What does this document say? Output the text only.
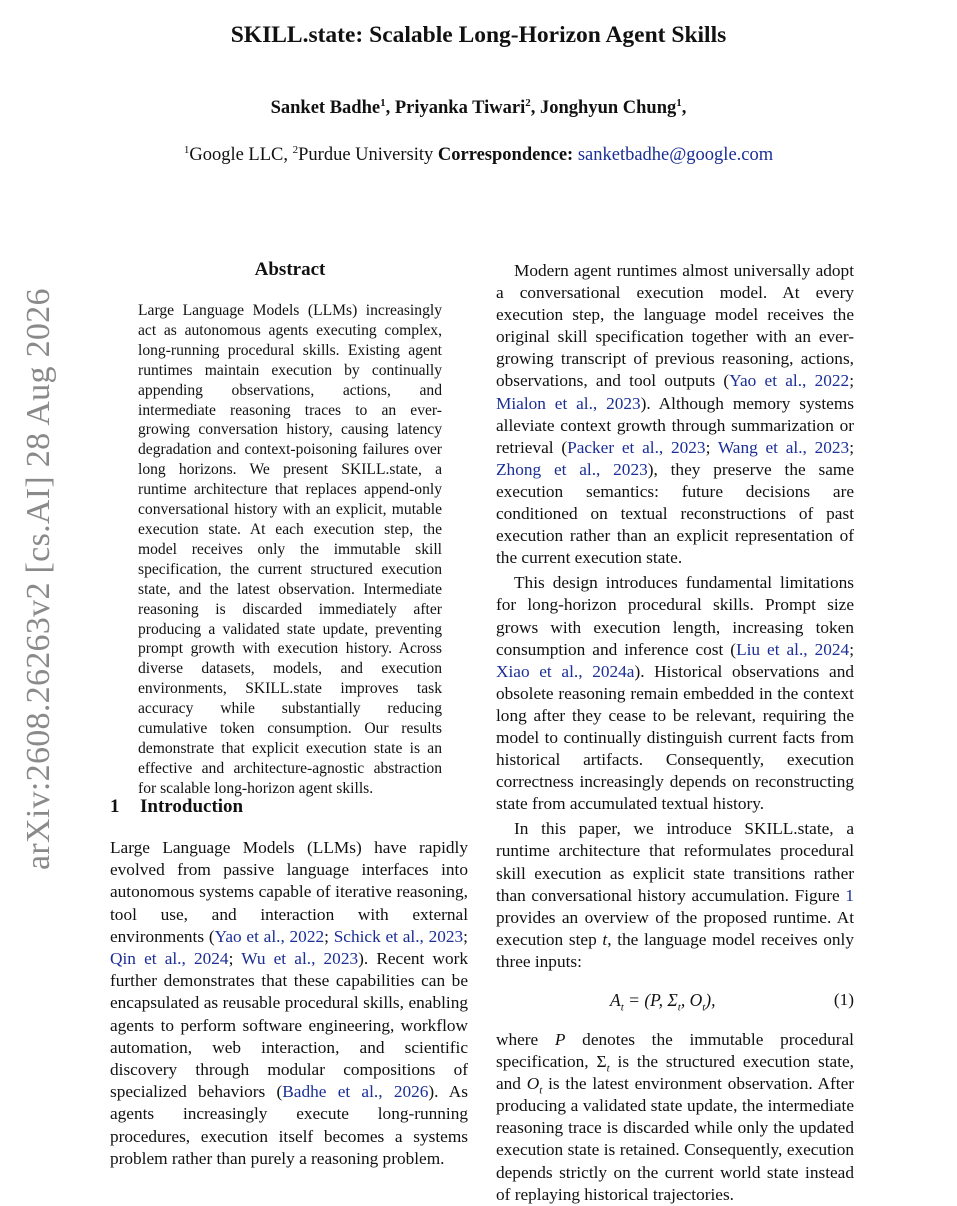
SKILL.state: Scalable Long-Horizon Agent Skills
Sanket Badhe$^1$, Priyanka Tiwari$^2$, Jonghyun Chung$^1$,
$^1$Google LLC, $^2$Purdue University Correspondence: sanketbadhe@google.com
arXiv:2608.26263v2 [cs.AI] 28 Aug 2026
Abstract
Large Language Models (LLMs) increasingly act as autonomous agents executing complex, long-running procedural skills. Existing agent runtimes maintain execution by continually appending observations, actions, and intermediate reasoning traces to an ever-growing conversation history, causing latency degradation and context-poisoning failures over long horizons. We present SKILL.state, a runtime architecture that replaces append-only conversational history with an explicit, mutable execution state. At each execution step, the model receives only the immutable skill specification, the current structured execution state, and the latest observation. Intermediate reasoning is discarded immediately after producing a validated state update, preventing prompt growth with execution history. Across diverse datasets, models, and execution environments, SKILL.state improves task accuracy while substantially reducing cumulative token consumption. Our results demonstrate that explicit execution state is an effective and architecture-agnostic abstraction for scalable long-horizon agent skills.
1 Introduction

Large Language Models (LLMs) have rapidly evolved from passive language interfaces into autonomous systems capable of iterative reasoning, tool use, and interaction with external environments (Yao et al., 2022; Schick et al., 2023; Qin et al., 2024; Wu et al., 2023). Recent work further demonstrates that these capabilities can be encapsulated as reusable procedural skills, enabling agents to perform software engineering, workflow automation, web interaction, and scientific discovery through modular compositions of specialized behaviors (Badhe et al., 2026). As agents increasingly execute long-running procedures, execution itself becomes a systems problem rather than purely a reasoning problem.

Modern agent runtimes almost universally adopt a conversational execution model. At every execution step, the language model receives the original skill specification together with an ever-growing transcript of previous reasoning, actions, observations, and tool outputs (Yao et al., 2022; Mialon et al., 2023). Although memory systems alleviate context growth through summarization or retrieval (Packer et al., 2023; Wang et al., 2023; Zhong et al., 2023), they preserve the same execution semantics: future decisions are conditioned on textual reconstructions of past execution rather than an explicit representation of the current execution state.

This design introduces fundamental limitations for long-horizon procedural skills. Prompt size grows with execution length, increasing token consumption and inference cost (Liu et al., 2024; Xiao et al., 2024a). Historical observations and obsolete reasoning remain embedded in the context long after they cease to be relevant, requiring the model to continually distinguish current facts from historical artifacts. Consequently, execution correctness increasingly depends on reconstructing state from accumulated textual history.

In this paper, we introduce SKILL.state, a runtime architecture that reformulates procedural skill execution as explicit state transitions rather than conversational history accumulation. Figure 1 provides an overview of the proposed runtime. At execution step t, the language model receives only three inputs:

$A_t = (P$, $\Sigma_t$, $O_t$),	(1)

where P denotes the immutable procedural specification, $\Sigma_t$ is the structured execution state, and $O_t$ is the latest environment observation. After producing a validated state update, the intermediate reasoning trace is discarded while only the updated execution state is retained. Consequently, execution depends strictly on the current world state instead of replaying historical trajectories.
